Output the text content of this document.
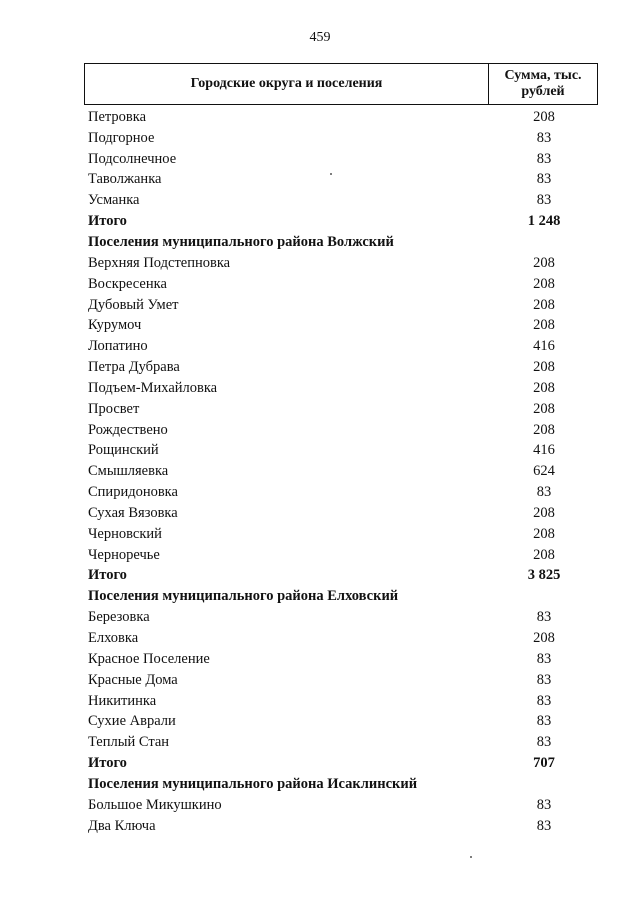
459
Городские округа и поселения
Сумма, тыс.
рублей
Петровка	208
Подгорное	83
Подсолнечное	83
Таволжанка	83
Усманка	83
Итого	1 248
Поселения муниципального района Волжский
Верхняя Подстепновка	208
Воскресенка	208
Дубовый Умет	208
Курумоч	208
Лопатино	416
Петра Дубрава	208
Подъем-Михайловка	208
Просвет	208
Рождествено	208
Рощинский	416
Смышляевка	624
Спиридоновка	83
Сухая Вязовка	208
Черновский	208
Черноречье	208
Итого	3 825
Поселения муниципального района Елховский
Березовка	83
Елховка	208
Красное Поселение	83
Красные Дома	83
Никитинка	83
Сухие Аврали	83
Теплый Стан	83
Итого	707
Поселения муниципального района Исаклинский
Большое Микушкино	83
Два Ключа	83
